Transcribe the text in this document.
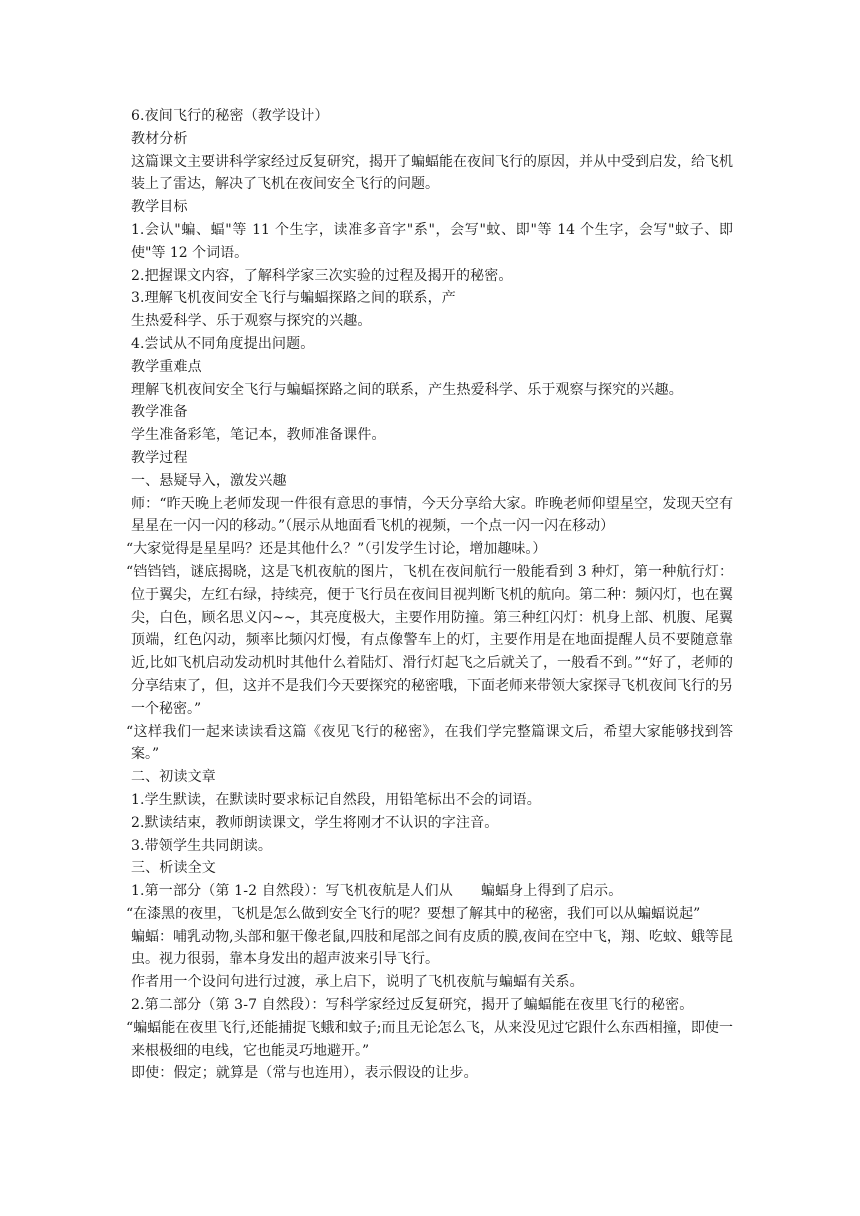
6.夜间飞行的秘密（教学设计）
教材分析
这篇课文主要讲科学家经过反复研究，揭开了蝙蝠能在夜间飞行的原因，并从中受到启发，给飞机装上了雷达，解决了飞机在夜间安全飞行的问题。
教学目标
1.会认"蝙、蝠"等 11 个生字，读准多音字"系"，会写"蚊、即"等 14 个生字，会写"蚊子、即使"等 12 个词语。
2.把握课文内容，了解科学家三次实验的过程及揭开的秘密。
3.理解飞机夜间安全飞行与蝙蝠探路之间的联系，产
生热爱科学、乐于观察与探究的兴趣。
4.尝试从不同角度提出问题。
教学重难点
理解飞机夜间安全飞行与蝙蝠探路之间的联系，产生热爱科学、乐于观察与探究的兴趣。
教学准备
学生准备彩笔，笔记本，教师准备课件。
教学过程
一、悬疑导入，激发兴趣
师：“昨天晚上老师发现一件很有意思的事情，今天分享给大家。昨晚老师仰望星空，发现天空有星星在一闪一闪的移动。”（展示从地面看飞机的视频，一个点一闪一闪在移动）
“大家觉得是星星吗？还是其他什么？”（引发学生讨论，增加趣味。）
“铛铛铛，谜底揭晓，这是飞机夜航的图片，飞机在夜间航行一般能看到 3 种灯，第一种航行灯：位于翼尖，左红右绿，持续亮，便于飞行员在夜间目视判断飞机的航向。第二种：频闪灯，也在翼尖，白色，顾名思义闪~~，其亮度极大，主要作用防撞。第三种红闪灯：机身上部、机腹、尾翼顶端，红色闪动，频率比频闪灯慢，有点像警车上的灯，主要作用是在地面提醒人员不要随意靠近,比如飞机启动发动机时其他什么着陆灯、滑行灯起飞之后就关了，一般看不到。”“好了，老师的分享结束了，但，这并不是我们今天要探究的秘密哦，下面老师来带领大家探寻飞机夜间飞行的另一个秘密。”
“这样我们一起来读读看这篇《夜见飞行的秘密》，在我们学完整篇课文后，希望大家能够找到答案。”
二、初读文章
1.学生默读，在默读时要求标记自然段，用铅笔标出不会的词语。
2.默读结束，教师朗读课文，学生将刚才不认识的字注音。
3.带领学生共同朗读。
三、析读全文
1.第一部分（第 1-2 自然段）：写飞机夜航是人们从 蝙蝠身上得到了启示。
“在漆黑的夜里，飞机是怎么做到安全飞行的呢？要想了解其中的秘密，我们可以从蝙蝠说起”
蝙蝠：哺乳动物,头部和躯干像老鼠,四肢和尾部之间有皮质的膜,夜间在空中飞，翔、吃蚊、蛾等昆虫。视力很弱，靠本身发出的超声波来引导飞行。
作者用一个设问句进行过渡，承上启下，说明了飞机夜航与蝙蝠有关系。
2.第二部分（第 3-7 自然段）：写科学家经过反复研究，揭开了蝙蝠能在夜里飞行的秘密。
“蝙蝠能在夜里飞行,还能捕捉飞蛾和蚊子;而且无论怎么飞，从来没见过它跟什么东西相撞，即使一来根极细的电线，它也能灵巧地避开。”
即使：假定；就算是（常与也连用），表示假设的让步。
